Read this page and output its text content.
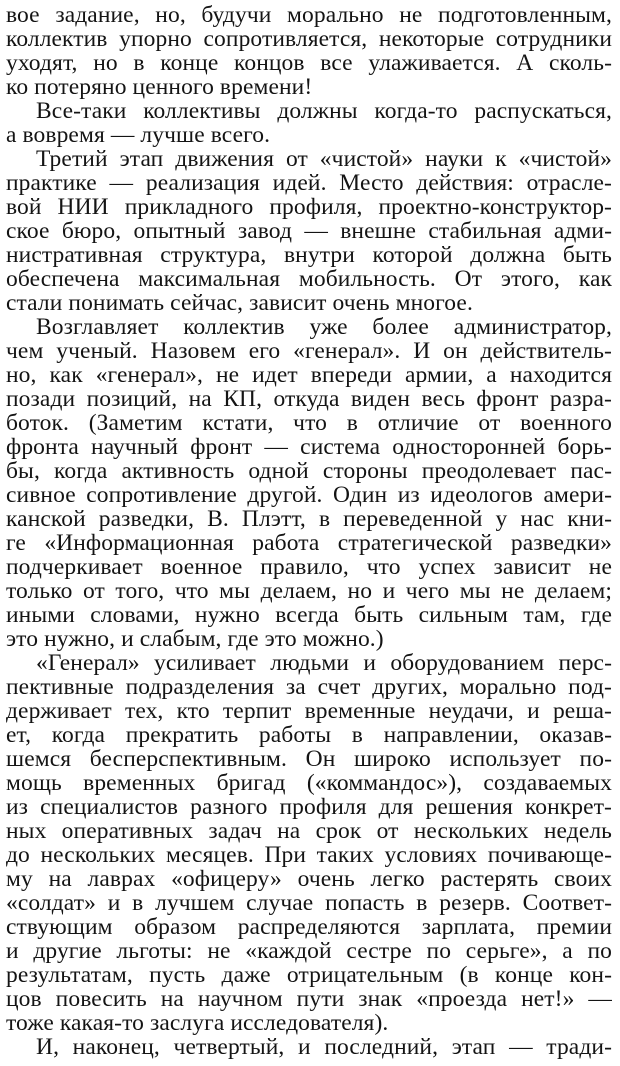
вое задание, но, будучи морально не подготовленным,
коллектив упорно сопротивляется, некоторые сотрудники
уходят, но в конце концов все улаживается. А сколь-
ко потеряно ценного времени!
Все-таки коллективы должны когда-то распускаться,
а вовремя — лучше всего.
Третий этап движения от «чистой» науки к «чистой»
практике — реализация идей. Место действия: отрасле-
вой НИИ прикладного профиля, проектно-конструктор-
ское бюро, опытный завод — внешне стабильная адми-
нистративная структура, внутри которой должна быть
обеспечена максимальная мобильность. От этого, как
стали понимать сейчас, зависит очень многое.
Возглавляет коллектив уже более администратор,
чем ученый. Назовем его «генерал». И он действитель-
но, как «генерал», не идет впереди армии, а находится
позади позиций, на КП, откуда виден весь фронт разра-
боток. (Заметим кстати, что в отличие от военного
фронта научный фронт — система односторонней борь-
бы, когда активность одной стороны преодолевает пас-
сивное сопротивление другой. Один из идеологов амери-
канской разведки, В. Плэтт, в переведенной у нас кни-
ге «Информационная работа стратегической разведки»
подчеркивает военное правило, что успех зависит не
только от того, что мы делаем, но и чего мы не делаем;
иными словами, нужно всегда быть сильным там, где
это нужно, и слабым, где это можно.)
«Генерал» усиливает людьми и оборудованием перс-
пективные подразделения за счет других, морально под-
держивает тех, кто терпит временные неудачи, и реша-
ет, когда прекратить работы в направлении, оказав-
шемся бесперспективным. Он широко использует по-
мощь временных бригад («коммандос»), создаваемых
из специалистов разного профиля для решения конкрет-
ных оперативных задач на срок от нескольких недель
до нескольких месяцев. При таких условиях почивающе-
му на лаврах «офицеру» очень легко растерять своих
«солдат» и в лучшем случае попасть в резерв. Соответ-
ствующим образом распределяются зарплата, премии
и другие льготы: не «каждой сестре по серьге», а по
результатам, пусть даже отрицательным (в конце кон-
цов повесить на научном пути знак «проезда нет!» —
тоже какая-то заслуга исследователя).
И, наконец, четвертый, и последний, этап — тради-
